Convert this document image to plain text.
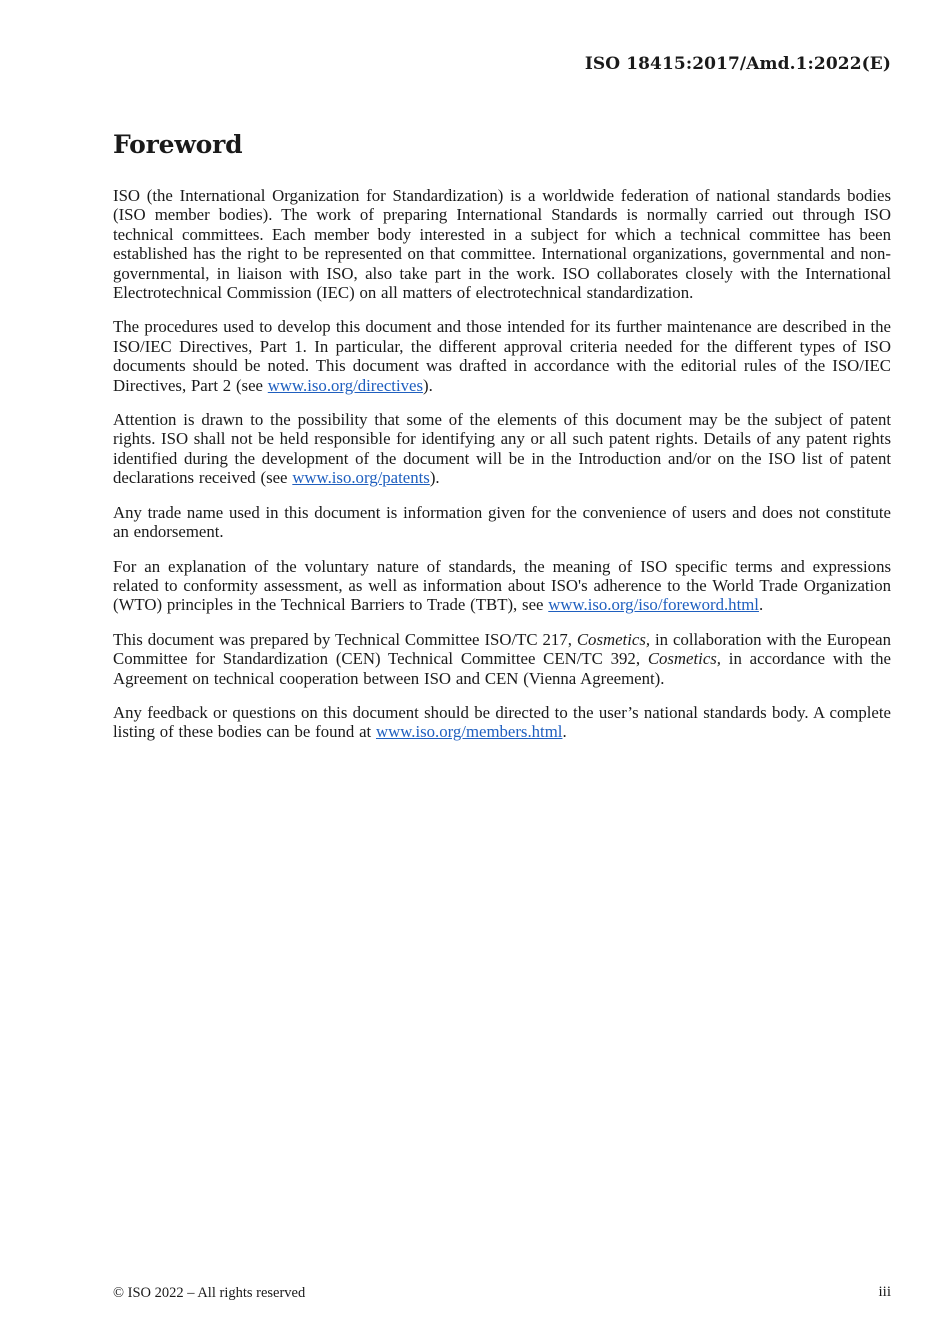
ISO 18415:2017/Amd.1:2022(E)
Foreword

ISO (the International Organization for Standardization) is a worldwide federation of national standards bodies (ISO member bodies). The work of preparing International Standards is normally carried out through ISO technical committees. Each member body interested in a subject for which a technical committee has been established has the right to be represented on that committee. International organizations, governmental and non-governmental, in liaison with ISO, also take part in the work. ISO collaborates closely with the International Electrotechnical Commission (IEC) on all matters of electrotechnical standardization.

The procedures used to develop this document and those intended for its further maintenance are described in the ISO/IEC Directives, Part 1. In particular, the different approval criteria needed for the different types of ISO documents should be noted. This document was drafted in accordance with the editorial rules of the ISO/IEC Directives, Part 2 (see www.iso.org/directives).

Attention is drawn to the possibility that some of the elements of this document may be the subject of patent rights. ISO shall not be held responsible for identifying any or all such patent rights. Details of any patent rights identified during the development of the document will be in the Introduction and/or on the ISO list of patent declarations received (see www.iso.org/patents).

Any trade name used in this document is information given for the convenience of users and does not constitute an endorsement.

For an explanation of the voluntary nature of standards, the meaning of ISO specific terms and expressions related to conformity assessment, as well as information about ISO's adherence to the World Trade Organization (WTO) principles in the Technical Barriers to Trade (TBT), see www.iso.org/iso/foreword.html.

This document was prepared by Technical Committee ISO/TC 217, Cosmetics, in collaboration with the European Committee for Standardization (CEN) Technical Committee CEN/TC 392, Cosmetics, in accordance with the Agreement on technical cooperation between ISO and CEN (Vienna Agreement).

Any feedback or questions on this document should be directed to the user’s national standards body. A complete listing of these bodies can be found at www.iso.org/members.html.

© ISO 2022 – All rights reserved	iii
